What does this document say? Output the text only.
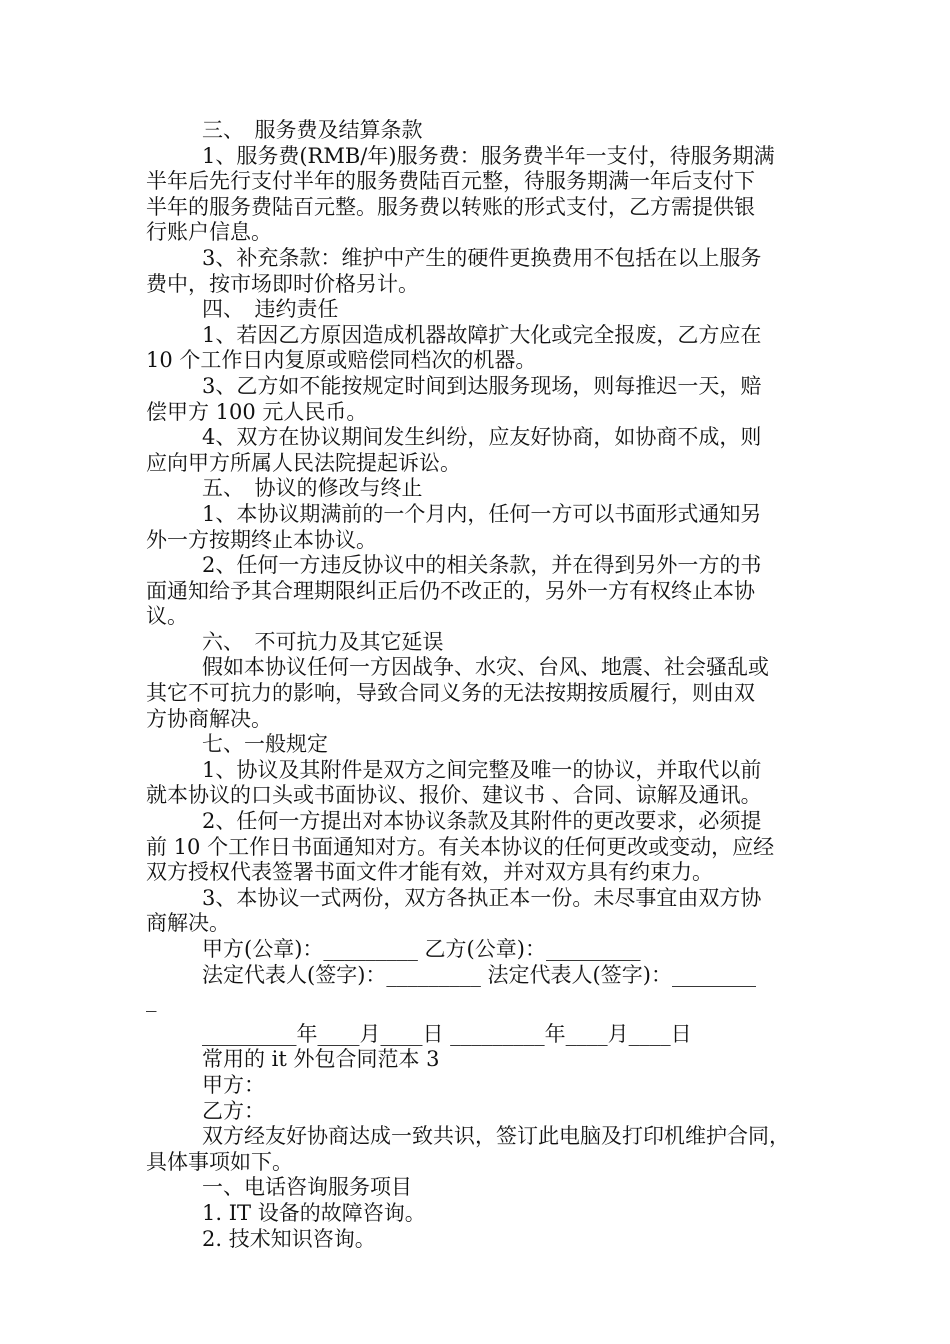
三、　服务费及结算条款
1、服务费(RMB/年)服务费：服务费半年一支付，待服务期满
半年后先行支付半年的服务费陆百元整，待服务期满一年后支付下
半年的服务费陆百元整。服务费以转账的形式支付，乙方需提供银
行账户信息。
3、补充条款：维护中产生的硬件更换费用不包括在以上服务
费中，按市场即时价格另计。
四、　违约责任
1、若因乙方原因造成机器故障扩大化或完全报废，乙方应在
10 个工作日内复原或赔偿同档次的机器。
3、乙方如不能按规定时间到达服务现场，则每推迟一天，赔
偿甲方 100 元人民币。
4、双方在协议期间发生纠纷，应友好协商，如协商不成，则
应向甲方所属人民法院提起诉讼。
五、　协议的修改与终止
1、本协议期满前的一个月内，任何一方可以书面形式通知另
外一方按期终止本协议。
2、任何一方违反协议中的相关条款，并在得到另外一方的书
面通知给予其合理期限纠正后仍不改正的，另外一方有权终止本协
议。
六、　不可抗力及其它延误
假如本协议任何一方因战争、水灾、台风、地震、社会骚乱或
其它不可抗力的影响，导致合同义务的无法按期按质履行，则由双
方协商解决。
七、一般规定
1、协议及其附件是双方之间完整及唯一的协议，并取代以前
就本协议的口头或书面协议、报价、建议书 、合同、谅解及通讯。
2、任何一方提出对本协议条款及其附件的更改要求，必须提
前 10 个工作日书面通知对方。有关本协议的任何更改或变动，应经
双方授权代表签署书面文件才能有效，并对双方具有约束力。
3、本协议一式两份，双方各执正本一份。未尽事宜由双方协
商解决。
甲方(公章)：_________ 乙方(公章)：_________
法定代表人(签字)：_________ 法定代表人(签字)：________
_
_________年____月____日 _________年____月____日
常用的 it 外包合同范本 3
甲方：
乙方：
双方经友好协商达成一致共识，签订此电脑及打印机维护合同，
具体事项如下。
一、电话咨询服务项目
1. IT 设备的故障咨询。
2. 技术知识咨询。
